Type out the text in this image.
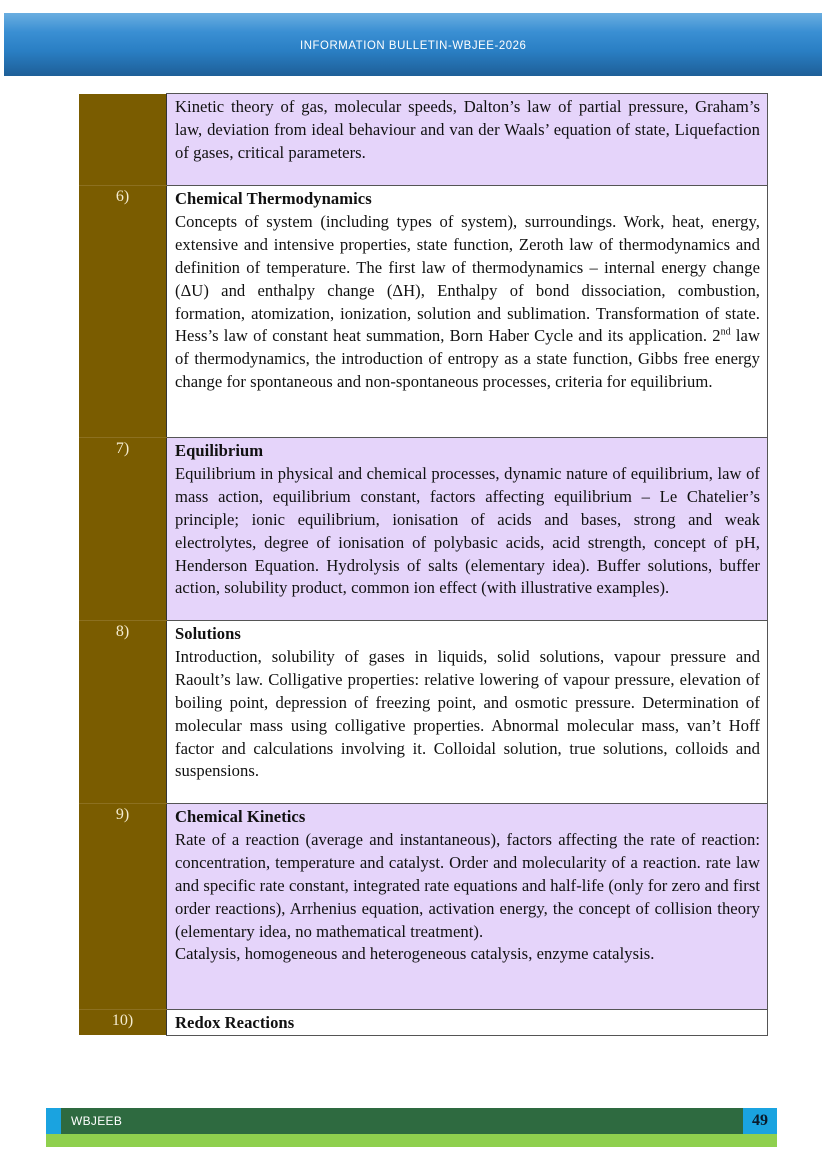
INFORMATION BULLETIN-WBJEE-2026

	Kinetic theory of gas, molecular speeds, Dalton’s law of partial pressure, Graham’s law, deviation from ideal behaviour and van der Waals’ equation of state, Liquefaction of gases, critical parameters.

6)	Chemical Thermodynamics
Concepts of system (including types of system), surroundings. Work, heat, energy, extensive and intensive properties, state function, Zeroth law of thermodynamics and definition of temperature. The first law of thermodynamics – internal energy change (ΔU) and enthalpy change (ΔH), Enthalpy of bond dissociation, combustion, formation, atomization, ionization, solution and sublimation. Transformation of state. Hess’s law of constant heat summation, Born Haber Cycle and its application. 2nd law of thermodynamics, the introduction of entropy as a state function, Gibbs free energy change for spontaneous and non-spontaneous processes, criteria for equilibrium.

7)	Equilibrium
Equilibrium in physical and chemical processes, dynamic nature of equilibrium, law of mass action, equilibrium constant, factors affecting equilibrium – Le Chatelier’s principle; ionic equilibrium, ionisation of acids and bases, strong and weak electrolytes, degree of ionisation of polybasic acids, acid strength, concept of pH, Henderson Equation. Hydrolysis of salts (elementary idea). Buffer solutions, buffer action, solubility product, common ion effect (with illustrative examples).

8)	Solutions
Introduction, solubility of gases in liquids, solid solutions, vapour pressure and Raoult’s law. Colligative properties: relative lowering of vapour pressure, elevation of boiling point, depression of freezing point, and osmotic pressure. Determination of molecular mass using colligative properties. Abnormal molecular mass, van’t Hoff factor and calculations involving it. Colloidal solution, true solutions, colloids and suspensions.

9)	Chemical Kinetics
Rate of a reaction (average and instantaneous), factors affecting the rate of reaction: concentration, temperature and catalyst. Order and molecularity of a reaction. rate law and specific rate constant, integrated rate equations and half-life (only for zero and first order reactions), Arrhenius equation, activation energy, the concept of collision theory (elementary idea, no mathematical treatment).
Catalysis, homogeneous and heterogeneous catalysis, enzyme catalysis.

10)	Redox Reactions
WBJEEB	49
